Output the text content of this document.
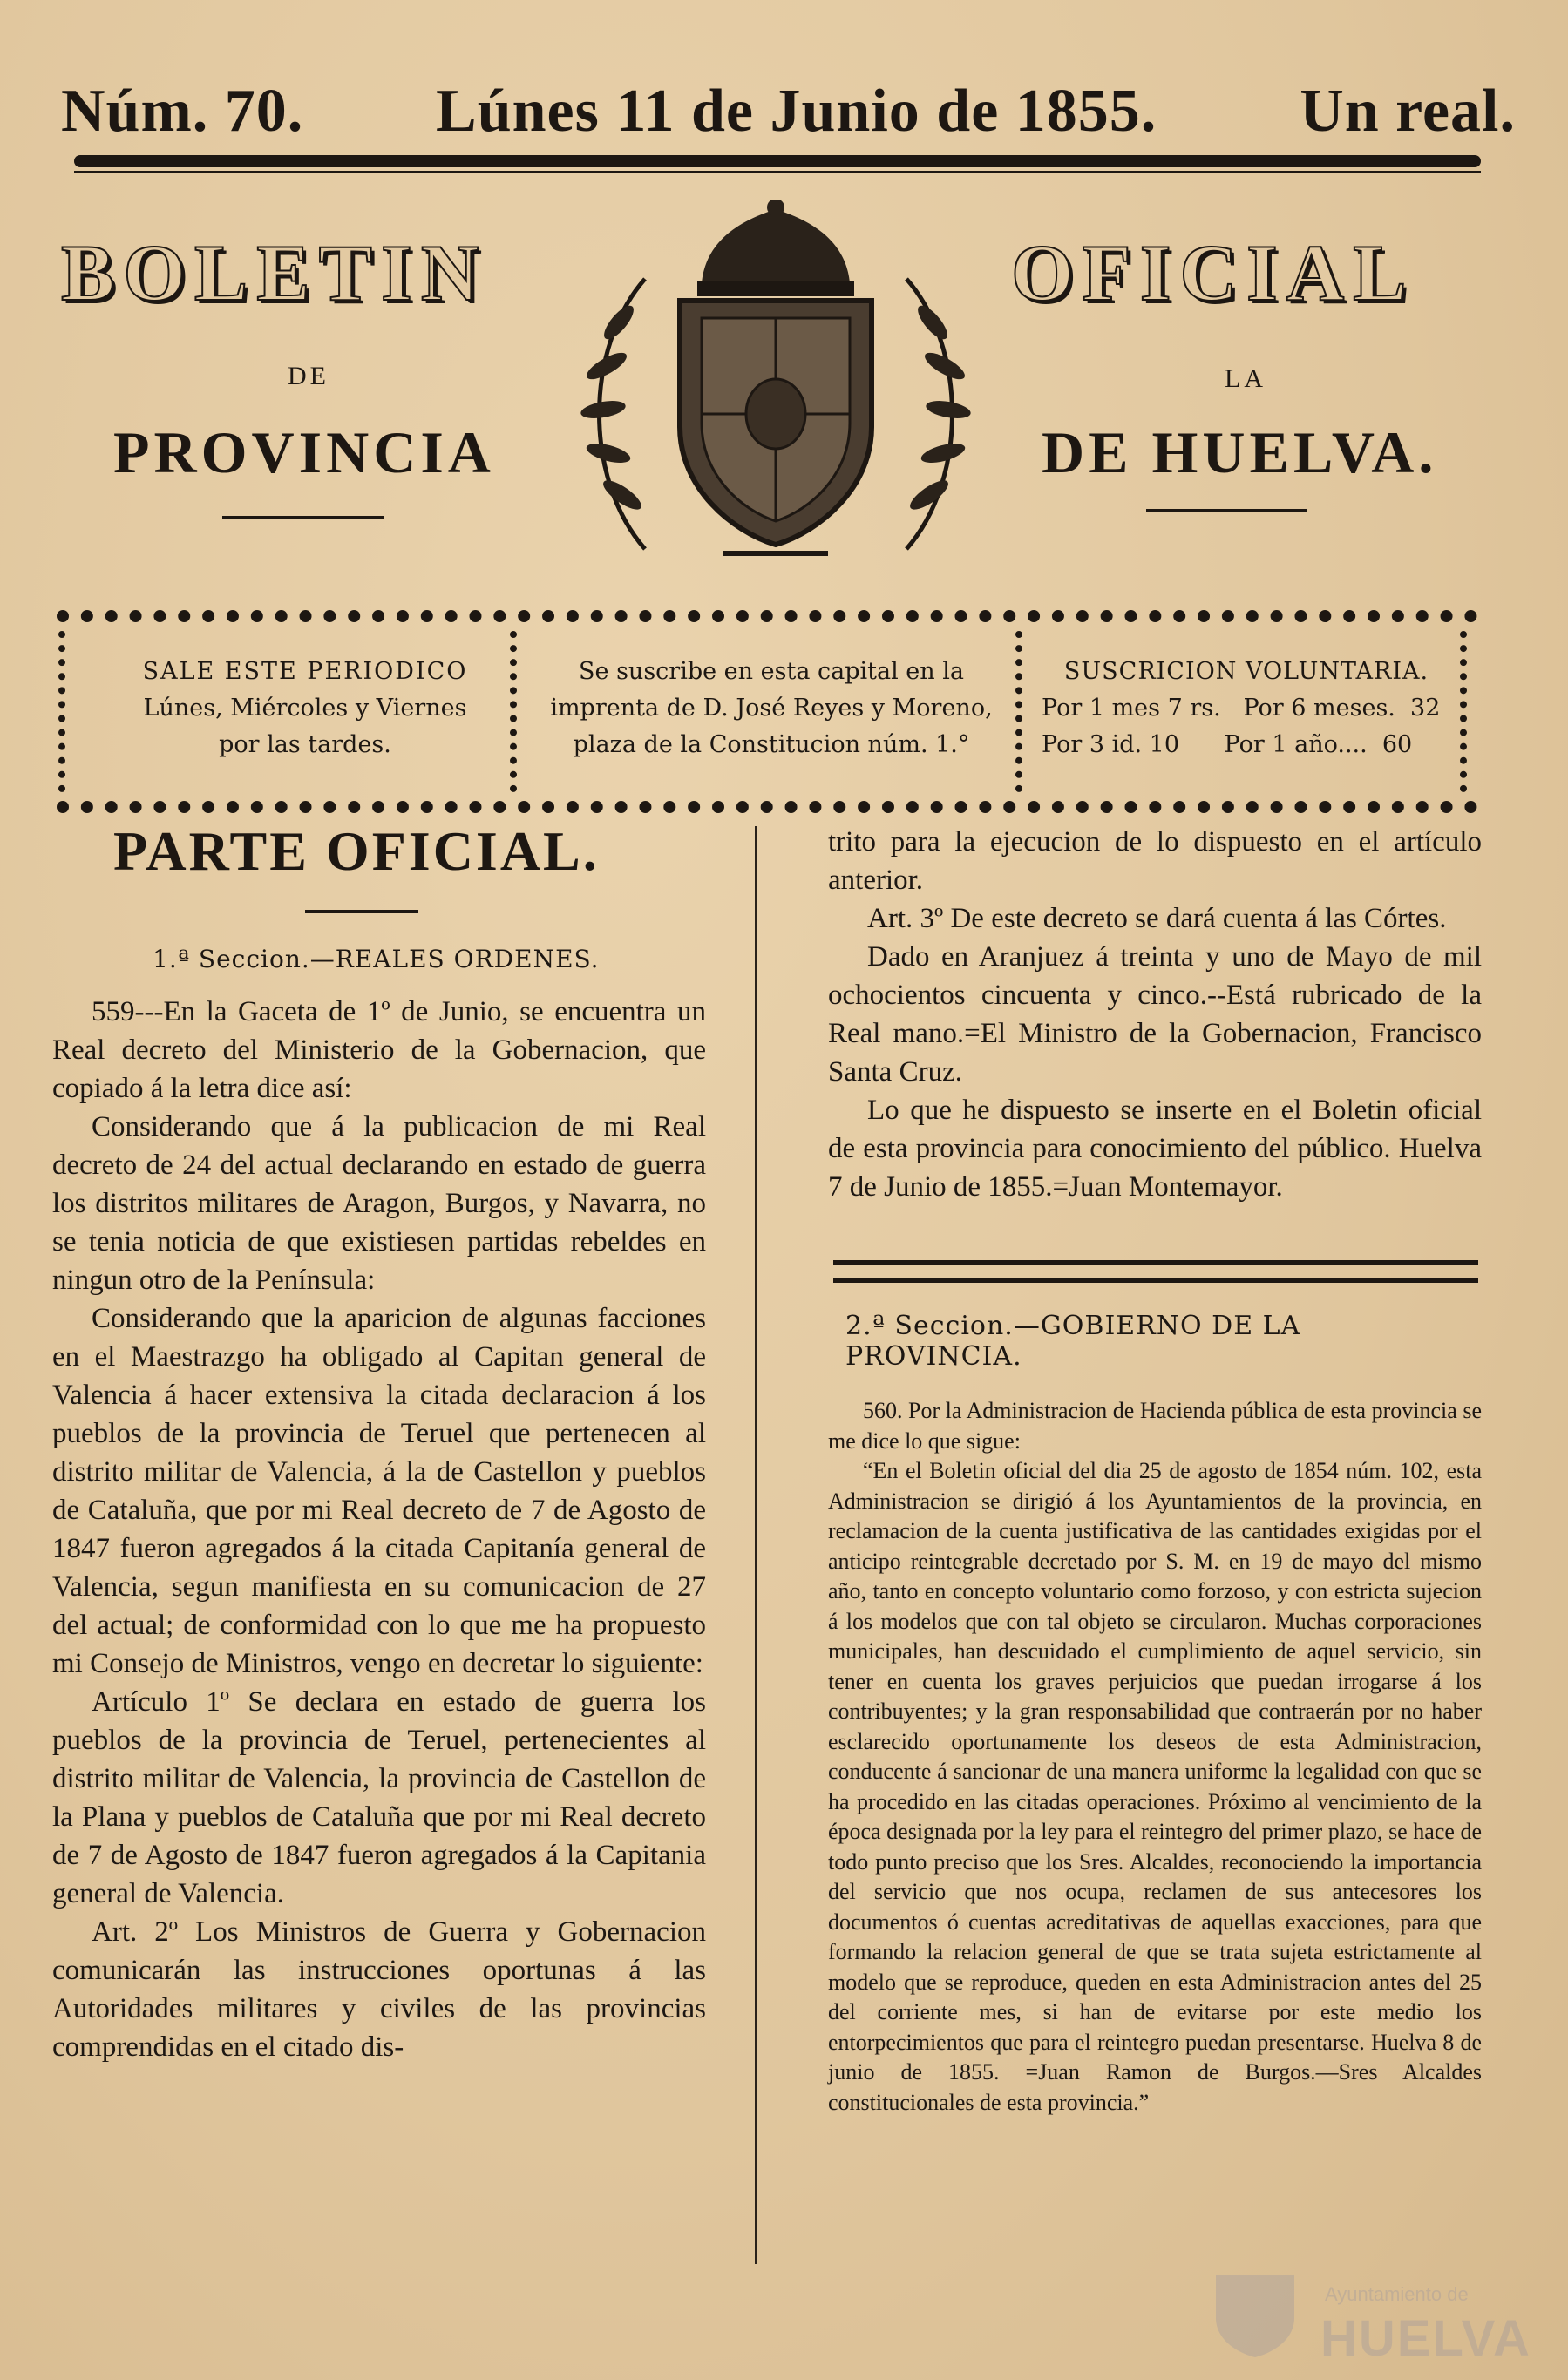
Núm. 70. Lúnes 11 de Junio de 1855. Un real.
BOLETIN	OFICIAL
DE	LA
PROVINCIA	DE HUELVA.
SALE ESTE PERIODICO
Lúnes, Miércoles y Viernes
por las tardes.
Se suscribe en esta capital en la
imprenta de D. José Reyes y Moreno,
plaza de la Constitucion núm. 1.°
SUSCRICION VOLUNTARIA.
Por 1 mes 7 rs.   Por 6 meses.  32
Por 3 id. 10      Por 1 año....  60
PARTE OFICIAL.
1.ª Seccion.—REALES ORDENES.

559---En la Gaceta de 1º de Junio, se encuentra un Real decreto del Ministerio de la Gobernacion, que copiado á la letra dice así:

Considerando que á la publicacion de mi Real decreto de 24 del actual declarando en estado de guerra los distritos militares de Aragon, Burgos, y Navarra, no se tenia noticia de que existiesen partidas rebeldes en ningun otro de la Península:

Considerando que la aparicion de algunas facciones en el Maestrazgo ha obligado al Capitan general de Valencia á hacer extensiva la citada declaracion á los pueblos de la provincia de Teruel que pertenecen al distrito militar de Valencia, á la de Castellon y pueblos de Cataluña, que por mi Real decreto de 7 de Agosto de 1847 fueron agregados á la citada Capitanía general de Valencia, segun manifiesta en su comunicacion de 27 del actual; de conformidad con lo que me ha propuesto mi Consejo de Ministros, vengo en decretar lo siguiente:

Artículo 1º Se declara en estado de guerra los pueblos de la provincia de Teruel, pertenecientes al distrito militar de Valencia, la provincia de Castellon de la Plana y pueblos de Cataluña que por mi Real decreto de 7 de Agosto de 1847 fueron agregados á la Capitania general de Valencia.

Art. 2º Los Ministros de Guerra y Gobernacion comunicarán las instrucciones oportunas á las Autoridades militares y civiles de las provincias comprendidas en el citado dis-

trito para la ejecucion de lo dispuesto en el artículo anterior.

Art. 3º De este decreto se dará cuenta á las Córtes.

Dado en Aranjuez á treinta y uno de Mayo de mil ochocientos cincuenta y cinco.--Está rubricado de la Real mano.=El Ministro de la Gobernacion, Francisco Santa Cruz.

Lo que he dispuesto se inserte en el Boletin oficial de esta provincia para conocimiento del público. Huelva 7 de Junio de 1855.=Juan Montemayor.

2.ª Seccion.—GOBIERNO DE LA PROVINCIA.

560. Por la Administracion de Hacienda pública de esta provincia se me dice lo que sigue:

“En el Boletin oficial del dia 25 de agosto de 1854 núm. 102, esta Administracion se dirigió á los Ayuntamientos de la provincia, en reclamacion de la cuenta justificativa de las cantidades exigidas por el anticipo reintegrable decretado por S. M. en 19 de mayo del mismo año, tanto en concepto voluntario como forzoso, y con estricta sujecion á los modelos que con tal objeto se circularon. Muchas corporaciones municipales, han descuidado el cumplimiento de aquel servicio, sin tener en cuenta los graves perjuicios que puedan irrogarse á los contribuyentes; y la gran responsabilidad que contraerán por no haber esclarecido oportunamente los deseos de esta Administracion, conducente á sancionar de una manera uniforme la legalidad con que se ha procedido en las citadas operaciones. Próximo al vencimiento de la época designada por la ley para el reintegro del primer plazo, se hace de todo punto preciso que los Sres. Alcaldes, reconociendo la importancia del servicio que nos ocupa, reclamen de sus antecesores los documentos ó cuentas acreditativas de aquellas exacciones, para que formando la relacion general de que se trata sujeta estrictamente al modelo que se reproduce, queden en esta Administracion antes del 25 del corriente mes, si han de evitarse por este medio los entorpecimientos que para el reintegro puedan presentarse. Huelva 8 de junio de 1855. =Juan Ramon de Burgos.—Sres Alcaldes constitucionales de esta provincia.”

Ayuntamiento de
HUELVA
